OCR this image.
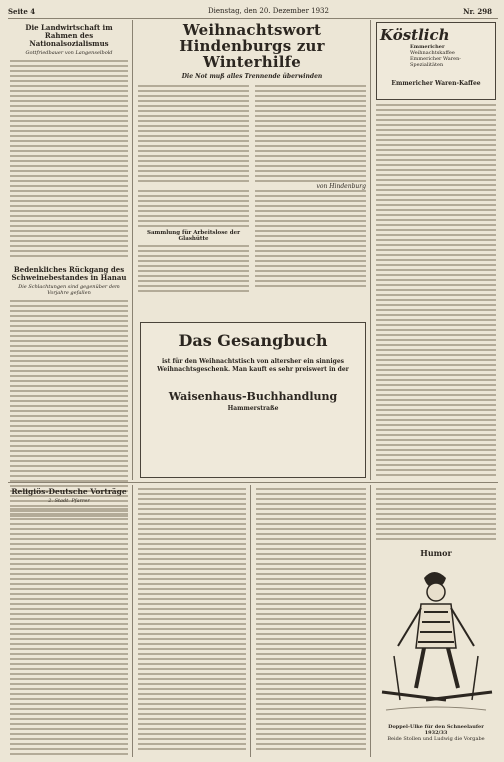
Seite 4	Dienstag, den 20. Dezember 1932	Nr. 298
Die Landwirtschaft im Rahmen des Nationalsozialismus
Gottfriedbauer von Langenselbold
Bedenkliches Rückgang des Schweinebestandes in Hanau
Die Schlachtungen sind gegenüber dem Vorjahre gefallen
Weihnachtswort Hindenburgs zur Winterhilfe
Die Not muß alles Trennende überwinden
von Hindenburg
Sammlung für Arbeitslose der Glashütte
Das Gesangbuch
ist für den Weihnachtstisch von altersher ein sinniges Weihnachtsgeschenk. Man kauft es sehr preiswert in der
Waisenhaus-Buchhandlung
Hammerstraße
Köstlich
Emmericher
Weihnachtskaffee
Emmericher Waren-Spezialitäten
Emmericher Waren-Kaffee
Religiös-Deutsche Vorträge
2. Stadt. Pfarrer
Humor
Doppel-Ulke für den Schneelaufer 1932/33
Beide Stollen und Ludwig die Vorgabe
